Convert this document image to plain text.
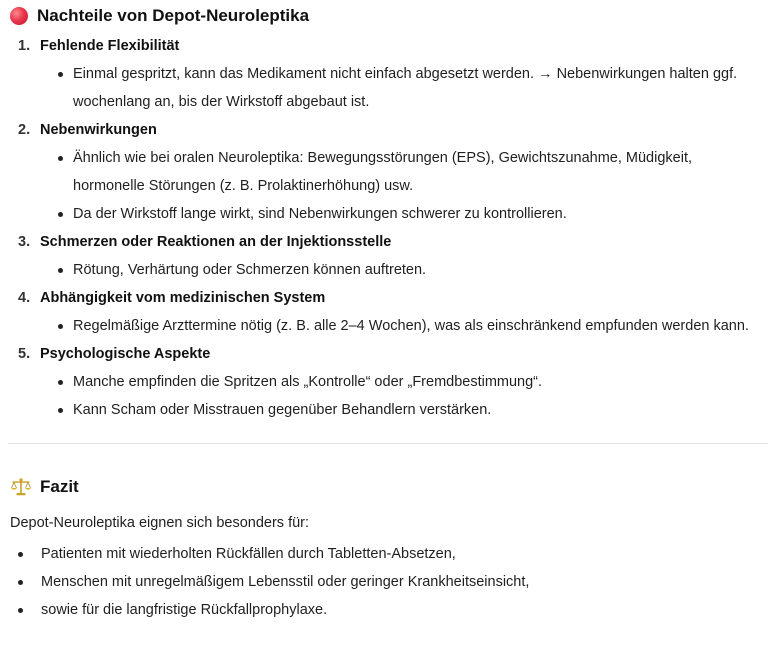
Nachteile von Depot-Neuroleptika
1. Fehlende Flexibilität
Einmal gespritzt, kann das Medikament nicht einfach abgesetzt werden. → Nebenwirkungen halten ggf. wochenlang an, bis der Wirkstoff abgebaut ist.
2. Nebenwirkungen
Ähnlich wie bei oralen Neuroleptika: Bewegungsstörungen (EPS), Gewichtszunahme, Müdigkeit, hormonelle Störungen (z. B. Prolaktinerhöhung) usw.
Da der Wirkstoff lange wirkt, sind Nebenwirkungen schwerer zu kontrollieren.
3. Schmerzen oder Reaktionen an der Injektionsstelle
Rötung, Verhärtung oder Schmerzen können auftreten.
4. Abhängigkeit vom medizinischen System
Regelmäßige Arzttermine nötig (z. B. alle 2–4 Wochen), was als einschränkend empfunden werden kann.
5. Psychologische Aspekte
Manche empfinden die Spritzen als „Kontrolle“ oder „Fremdbestimmung“.
Kann Scham oder Misstrauen gegenüber Behandlern verstärken.
Fazit
Depot-Neuroleptika eignen sich besonders für:
Patienten mit wiederholten Rückfällen durch Tabletten-Absetzen,
Menschen mit unregelmäßigem Lebensstil oder geringer Krankheitseinsicht,
sowie für die langfristige Rückfallprophylaxe.
